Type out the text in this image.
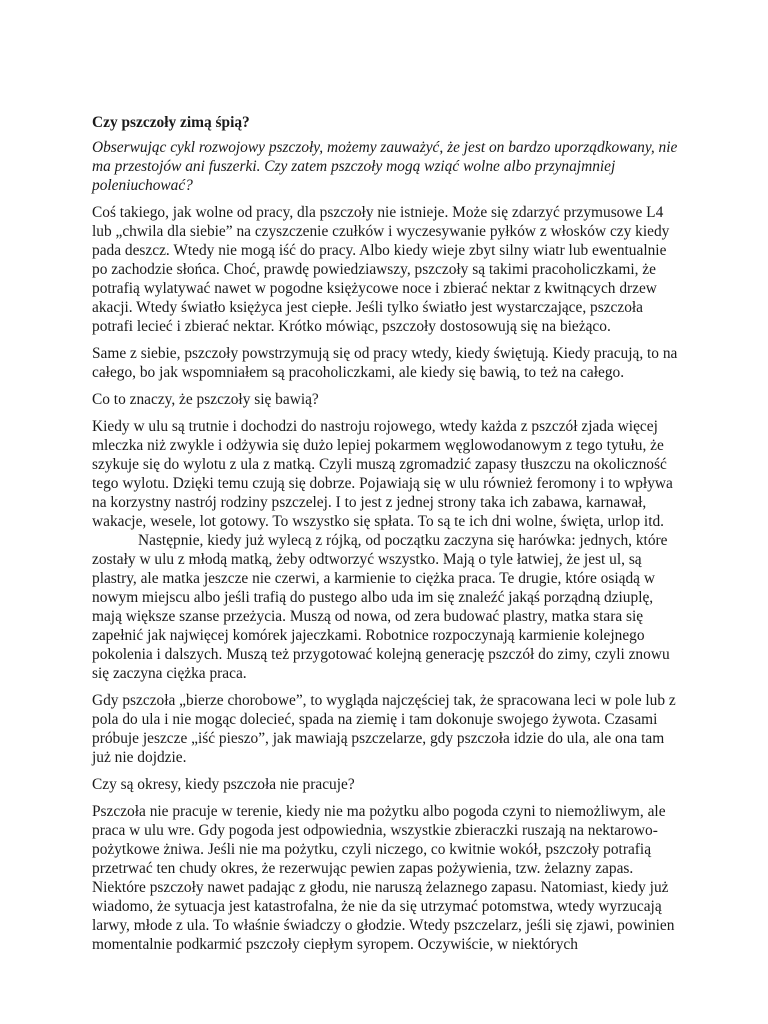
Czy pszczoły zimą śpią?

Obserwując cykl rozwojowy pszczoły, możemy zauważyć, że jest on bardzo uporządkowany, nie ma przestojów ani fuszerki. Czy zatem pszczoły mogą wziąć wolne albo przynajmniej poleniuchować?

Coś takiego, jak wolne od pracy, dla pszczoły nie istnieje. Może się zdarzyć przymusowe L4 lub „chwila dla siebie” na czyszczenie czułków i wyczesywanie pyłków z włosków czy kiedy pada deszcz. Wtedy nie mogą iść do pracy. Albo kiedy wieje zbyt silny wiatr lub ewentualnie po zachodzie słońca. Choć, prawdę powiedziawszy, pszczoły są takimi pracoholiczkami, że potrafią wylatywać nawet w pogodne księżycowe noce i zbierać nektar z kwitnących drzew akacji. Wtedy światło księżyca jest ciepłe. Jeśli tylko światło jest wystarczające, pszczoła potrafi lecieć i zbierać nektar. Krótko mówiąc, pszczoły dostosowują się na bieżąco.

Same z siebie, pszczoły powstrzymują się od pracy wtedy, kiedy świętują. Kiedy pracują, to na całego, bo jak wspomniałem są pracoholiczkami, ale kiedy się bawią, to też na całego.

Co to znaczy, że pszczoły się bawią?

Kiedy w ulu są trutnie i dochodzi do nastroju rojowego, wtedy każda z pszczół zjada więcej mleczka niż zwykle i odżywia się dużo lepiej pokarmem węglowodanowym z tego tytułu, że szykuje się do wylotu z ula z matką. Czyli muszą zgromadzić zapasy tłuszczu na okoliczność tego wylotu. Dzięki temu czują się dobrze. Pojawiają się w ulu również feromony i to wpływa na korzystny nastrój rodziny pszczelej. I to jest z jednej strony taka ich zabawa, karnawał, wakacje, wesele, lot gotowy. To wszystko się spłata. To są te ich dni wolne, święta, urlop itd.

Następnie, kiedy już wylecą z rójką, od początku zaczyna się harówka: jednych, które zostały w ulu z młodą matką, żeby odtworzyć wszystko. Mają o tyle łatwiej, że jest ul, są plastry, ale matka jeszcze nie czerwi, a karmienie to ciężka praca. Te drugie, które osiądą w nowym miejscu albo jeśli trafią do pustego albo uda im się znaleźć jakąś porządną dziuplę, mają większe szanse przeżycia. Muszą od nowa, od zera budować plastry, matka stara się zapełnić jak najwięcej komórek jajeczkami. Robotnice rozpoczynają karmienie kolejnego pokolenia i dalszych. Muszą też przygotować kolejną generację pszczół do zimy, czyli znowu się zaczyna ciężka praca.

Gdy pszczoła „bierze chorobowe”, to wygląda najczęściej tak, że spracowana leci w pole lub z pola do ula i nie mogąc dolecieć, spada na ziemię i tam dokonuje swojego żywota. Czasami próbuje jeszcze „iść pieszo”, jak mawiają pszczelarze, gdy pszczoła idzie do ula, ale ona tam już nie dojdzie.

Czy są okresy, kiedy pszczoła nie pracuje?

Pszczoła nie pracuje w terenie, kiedy nie ma pożytku albo pogoda czyni to niemożliwym, ale praca w ulu wre. Gdy pogoda jest odpowiednia, wszystkie zbieraczki ruszają na nektarowo-pożytkowe żniwa. Jeśli nie ma pożytku, czyli niczego, co kwitnie wokół, pszczoły potrafią przetrwać ten chudy okres, że rezerwując pewien zapas pożywienia, tzw. żelazny zapas. Niektóre pszczoły nawet padając z głodu, nie naruszą żelaznego zapasu. Natomiast, kiedy już wiadomo, że sytuacja jest katastrofalna, że nie da się utrzymać potomstwa, wtedy wyrzucają larwy, młode z ula. To właśnie świadczy o głodzie. Wtedy pszczelarz, jeśli się zjawi, powinien momentalnie podkarmić pszczoły ciepłym syropem. Oczywiście, w niektórych
